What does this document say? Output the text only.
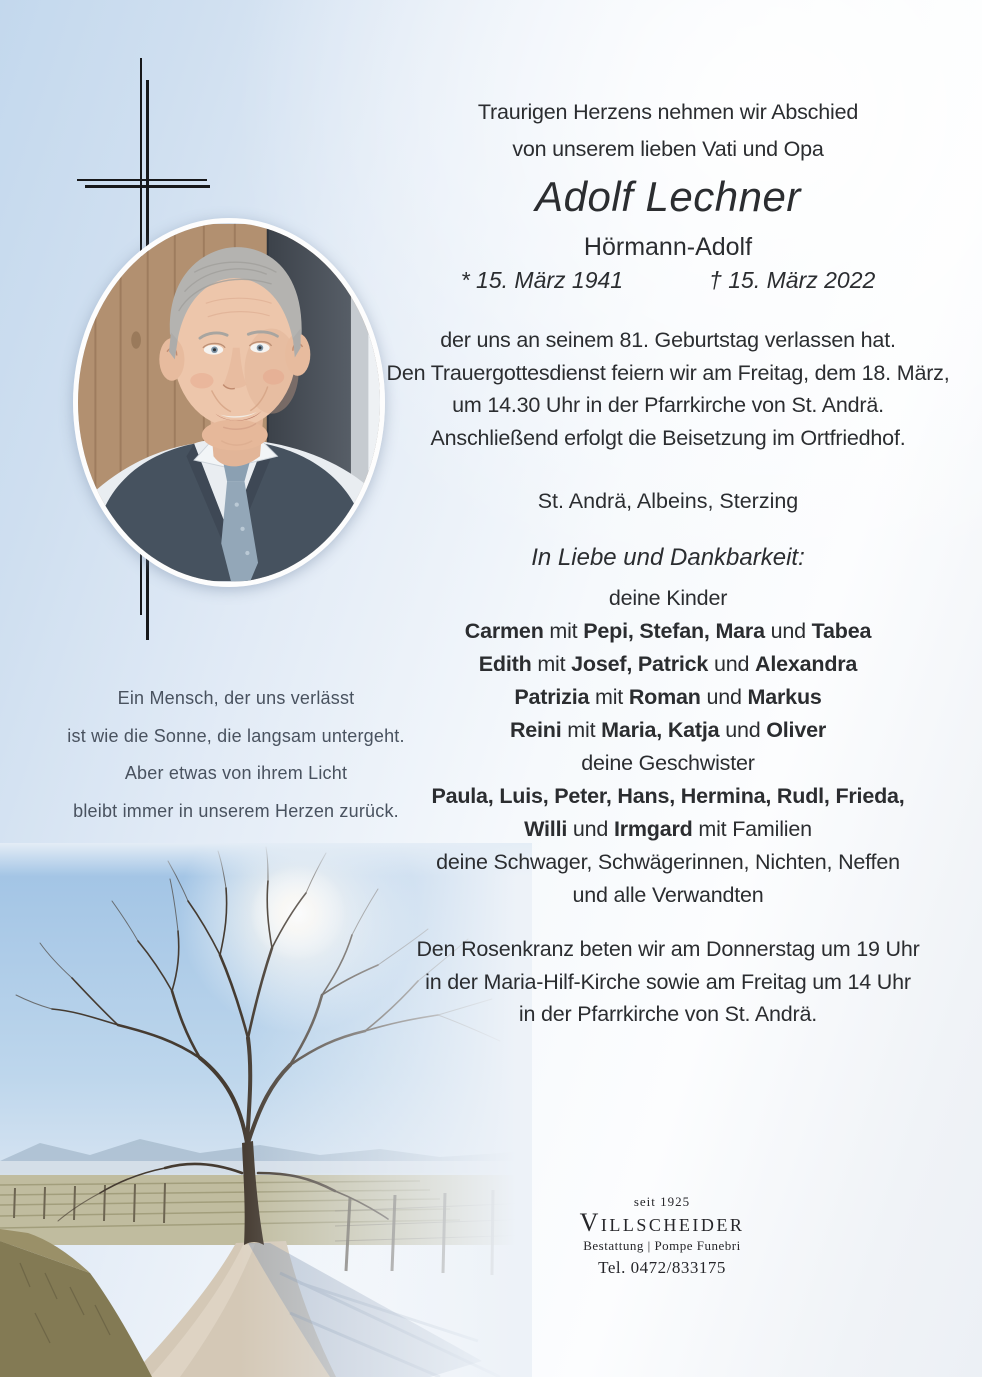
Ein Mensch, der uns verlässt
ist wie die Sonne, die langsam untergeht.
Aber etwas von ihrem Licht
bleibt immer in unserem Herzen zurück.
Traurigen Herzens nehmen wir Abschied
von unserem lieben Vati und Opa
Adolf Lechner
Hörmann-Adolf
* 15. März 1941	† 15. März 2022
der uns an seinem 81. Geburtstag verlassen hat.
Den Trauergottesdienst feiern wir am Freitag, dem 18. März,
um 14.30 Uhr in der Pfarrkirche von St. Andrä.
Anschließend erfolgt die Beisetzung im Ortfriedhof.
St. Andrä, Albeins, Sterzing
In Liebe und Dankbarkeit:
deine Kinder
Carmen mit Pepi, Stefan, Mara und Tabea
Edith mit Josef, Patrick und Alexandra
Patrizia mit Roman und Markus
Reini mit Maria, Katja und Oliver
deine Geschwister
Paula, Luis, Peter, Hans, Hermina, Rudl, Frieda,
Willi und Irmgard mit Familien
deine Schwager, Schwägerinnen, Nichten, Neffen
und alle Verwandten
Den Rosenkranz beten wir am Donnerstag um 19 Uhr
in der Maria-Hilf-Kirche sowie am Freitag um 14 Uhr
in der Pfarrkirche von St. Andrä.
seit 1925
Villscheider
Bestattung | Pompe Funebri
Tel. 0472/833175
